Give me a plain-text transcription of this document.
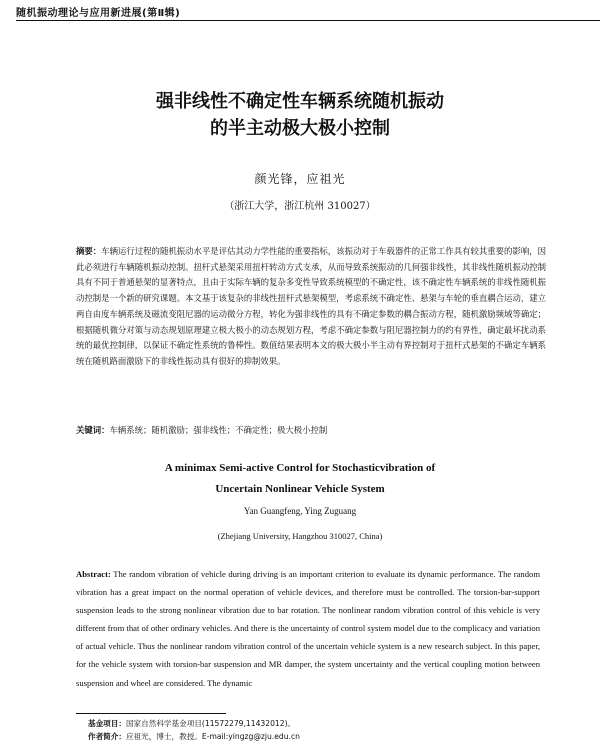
随机振动理论与应用新进展(第Ⅱ辑)
强非线性不确定性车辆系统随机振动
的半主动极大极小控制
颜光锋，应祖光
（浙江大学，浙江杭州 310027）
摘要：车辆运行过程的随机振动水平是评估其动力学性能的重要指标，该振动对于车载器件的正常工作具有较其重要的影响，因此必须进行车辆随机振动控制。扭杆式悬架采用扭杆转动方式支承，从而导致系统振动的几何强非线性，其非线性随机振动控制具有不同于普通悬架的显著特点，且由于实际车辆的复杂多变性导致系统模型的不确定性，该不确定性车辆系统的非线性随机振动控制是一个新的研究课题。本文基于该复杂的非线性扭杆式悬架模型，考虑系统不确定性、悬架与车轮的垂直耦合运动，建立两自由度车辆系统及磁流变阻尼器的运动微分方程，转化为强非线性的具有不确定参数的耦合振动方程，随机激励频域等确定；根据随机微分对策与动态规划原理建立极大极小的动态规划方程，考虑不确定参数与阻尼器控制力的约有界性，确定最坏扰动系统的最优控制律，以保证不确定性系统的鲁棒性。数值结果表明本文的极大极小半主动有界控制对于扭杆式悬架的不确定车辆系统在随机路面激励下的非线性振动具有很好的抑制效果。
关键词：车辆系统；随机激励；强非线性；不确定性；极大极小控制
A minimax Semi-active Control for Stochasticvibration of
Uncertain Nonlinear Vehicle System
Yan Guangfeng, Ying Zuguang
(Zhejiang University, Hangzhou 310027, China)
Abstract: The random vibration of vehicle during driving is an important criterion to evaluate its dynamic performance. The random vibration has a great impact on the normal operation of vehicle devices, and therefore must be controlled. The torsion-bar-support suspension leads to the strong nonlinear vibration due to bar rotation. The nonlinear random vibration control of this vehicle is very different from that of other ordinary vehicles. And there is the uncertainty of control system model due to the complicacy and variation of actual vehicle. Thus the nonlinear random vibration control of the uncertain vehicle system is a new research subject. In this paper, for the vehicle system with torsion-bar suspension and MR damper, the system uncertainty and the vertical coupling motion between suspension and wheel are considered. The dynamic
基金项目：国家自然科学基金项目(11572279,11432012)。
作者简介：应祖光，博士，教授。E-mail:yingzg@zju.edu.cn
